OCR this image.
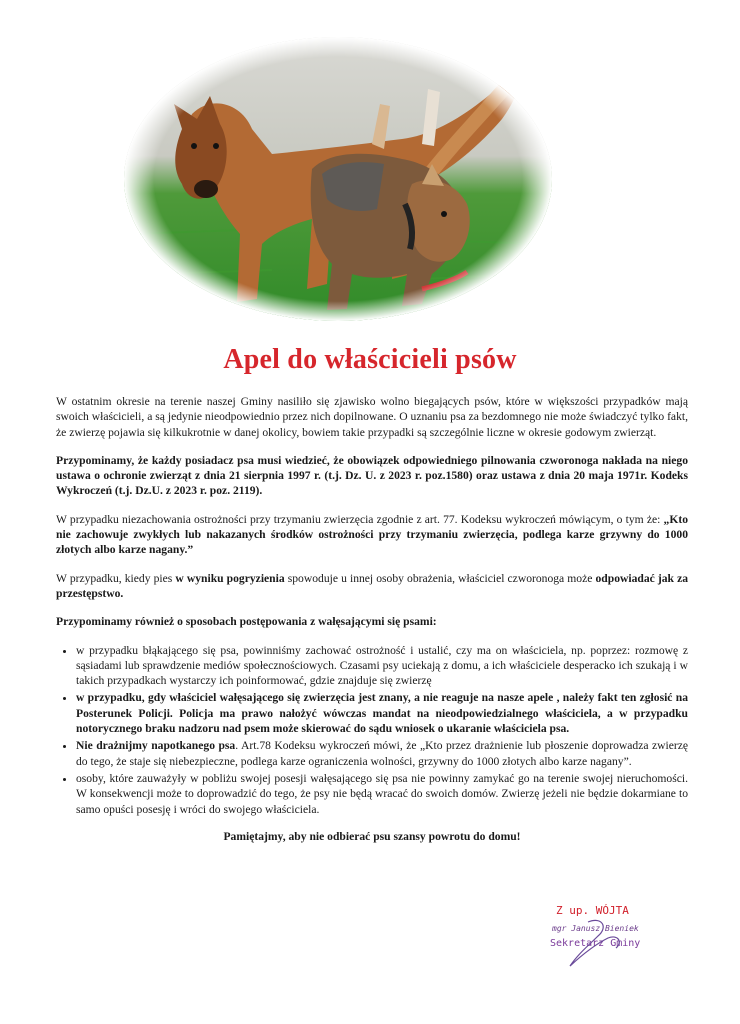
Apel do właścicieli psów

W ostatnim okresie na terenie naszej Gminy nasiliło się zjawisko wolno biegających psów, które w większości przypadków mają swoich właścicieli, a są jedynie nieodpowiednio przez nich dopilnowane. O uznaniu psa za bezdomnego nie może świadczyć tylko fakt, że zwierzę pojawia się kilkukrotnie w danej okolicy, bowiem takie przypadki są szczególnie liczne w okresie godowym zwierząt.

Przypominamy, że każdy posiadacz psa musi wiedzieć, że obowiązek odpowiedniego pilnowania czworonoga nakłada na niego ustawa o ochronie zwierząt z dnia 21 sierpnia 1997 r. (t.j. Dz. U. z 2023 r. poz.1580) oraz ustawa z dnia 20 maja 1971r. Kodeks Wykroczeń (t.j. Dz.U. z 2023 r. poz. 2119).

W przypadku niezachowania ostrożności przy trzymaniu zwierzęcia zgodnie z art. 77. Kodeksu wykroczeń mówiącym, o tym że: „Kto nie zachowuje zwykłych lub nakazanych środków ostrożności przy trzymaniu zwierzęcia, podlega karze grzywny do 1000 złotych albo karze nagany.”

W przypadku, kiedy pies w wyniku pogryzienia spowoduje u innej osoby obrażenia, właściciel czworonoga może odpowiadać jak za przestępstwo.

Przypominamy również o sposobach postępowania z wałęsającymi się psami:

• w przypadku błąkającego się psa, powinniśmy zachować ostrożność i ustalić, czy ma on właściciela, np. poprzez: rozmowę z sąsiadami lub sprawdzenie mediów społecznościowych. Czasami psy uciekają z domu, a ich właściciele desperacko ich szukają i w takich przypadkach wystarczy ich poinformować, gdzie znajduje się zwierzę
• w przypadku, gdy właściciel wałęsającego się zwierzęcia jest znany, a nie reaguje na nasze apele , należy fakt ten zgłosić na Posterunek Policji. Policja ma prawo nałożyć wówczas mandat na nieodpowiedzialnego właściciela, a w przypadku notorycznego braku nadzoru nad psem może skierować do sądu wniosek o ukaranie właściciela psa.
• Nie drażnijmy napotkanego psa. Art.78 Kodeksu wykroczeń mówi, że „Kto przez drażnienie lub płoszenie doprowadza zwierzę do tego, że staje się niebezpieczne, podlega karze ograniczenia wolności, grzywny do 1000 złotych albo karze nagany”.
• osoby, które zauważyły w pobliżu swojej posesji wałęsającego się psa nie powinny zamykać go na terenie swojej nieruchomości. W konsekwencji może to doprowadzić do tego, że psy nie będą wracać do swoich domów. Zwierzę jeżeli nie będzie dokarmiane to samo opuści posesję i wróci do swojego właściciela.
Pamiętajmy, aby nie odbierać psu szansy powrotu do domu!
Z up. WÓJTA
mgr Janusz Bieniek
Sekretarz Gminy
